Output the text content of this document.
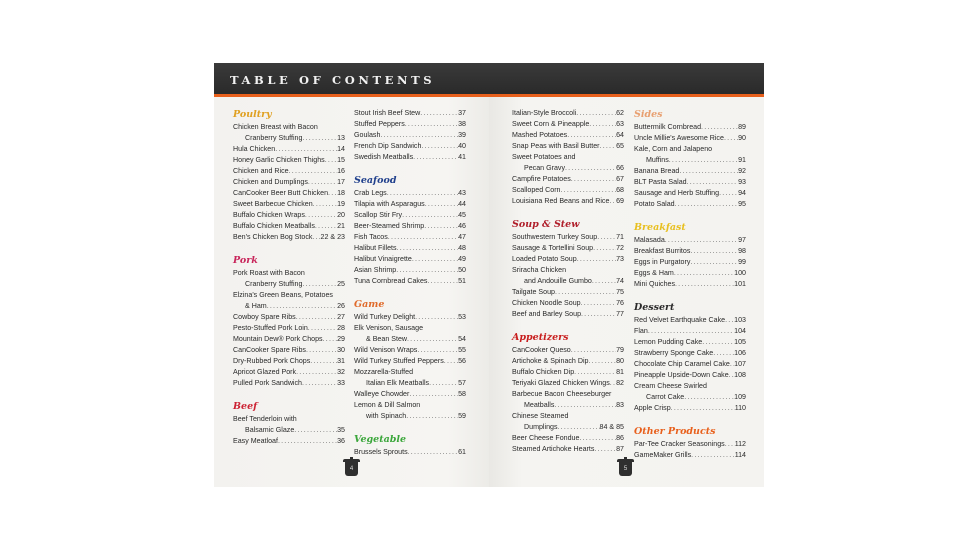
TABLE OF CONTENTS
Poultry
Chicken Breast with Bacon
Cranberry Stuffing .....	13
Hula Chicken .....	14
Honey Garlic Chicken Thighs ..... 15
Chicken and Rice .....	16
Chicken and Dumplings .....	17
CanCooker Beer Butt Chicken ..... 18
Sweet Barbecue Chicken .....	19
Buffalo Chicken Wraps .....	20
Buffalo Chicken Meatballs .....	21
Ben's Chicken Bog Stock ..... 22 & 23
Pork
Pork Roast with Bacon
Cranberry Stuffing .....	25
Elzina's Green Beans, Potatoes
& Ham .....	26
Cowboy Spare Ribs .....	27
Pesto-Stuffed Pork Loin .....	28
Mountain Dew® Pork Chops ..... 29
CanCooker Spare Ribs .....	30
Dry-Rubbed Pork Chops .....	31
Apricot Glazed Pork .....	32
Pulled Pork Sandwich .....	33
Beef
Beef Tenderloin with
Balsamic Glaze .....	35
Easy Meatloaf .....	36
Stout Irish Beef Stew .....	37
Stuffed Peppers .....	38
Goulash .....	39
French Dip Sandwich .....	40
Swedish Meatballs .....	41
Seafood
Crab Legs .....	43
Tilapia with Asparagus .....	44
Scallop Stir Fry .....	45
Beer-Steamed Shrimp .....	46
Fish Tacos .....	47
Halibut Fillets .....	48
Halibut Vinaigrette .....	49
Asian Shrimp .....	50
Tuna Cornbread Cakes .....	51
Game
Wild Turkey Delight .....	53
Elk Venison, Sausage
& Bean Stew .....	54
Wild Venison Wraps .....	55
Wild Turkey Stuffed Peppers ..... 56
Mozzarella-Stuffed
Italian Elk Meatballs .....	57
Walleye Chowder .....	58
Lemon & Dill Salmon
with Spinach .....	59
Vegetable
Brussels Sprouts .....	61
Italian-Style Broccoli .....	62
Sweet Corn & Pineapple .....	63
Mashed Potatoes .....	64
Snap Peas with Basil Butter ..... 65
Sweet Potatoes and
Pecan Gravy .....	66
Campfire Potatoes .....	67
Scalloped Corn .....	68
Louisiana Red Beans and Rice ..... 69
Soup & Stew
Southwestern Turkey Soup .....	71
Sausage & Tortellini Soup .....	72
Loaded Potato Soup .....	73
Sriracha Chicken
and Andouille Gumbo .....	74
Tailgate Soup .....	75
Chicken Noodle Soup .....	76
Beef and Barley Soup .....	77
Appetizers
CanCooker Queso .....	79
Artichoke & Spinach Dip .....	80
Buffalo Chicken Dip .....	81
Teriyaki Glazed Chicken Wings ..... 82
Barbecue Bacon Cheeseburger
Meatballs .....	83
Chinese Steamed
Dumplings .....	84 & 85
Beer Cheese Fondue .....	86
Steamed Artichoke Hearts .....	87
Sides
Buttermilk Cornbread .....	89
Uncle Millie's Awesome Rice ..... 90
Kale, Corn and Jalapeno
Muffins .....	91
Banana Bread .....	92
BLT Pasta Salad .....	93
Sausage and Herb Stuffing .....	94
Potato Salad .....	95
Breakfast
Malasada .....	97
Breakfast Burritos .....	98
Eggs in Purgatory .....	99
Eggs & Ham .....	100
Mini Quiches .....	101
Dessert
Red Velvet Earthquake Cake ..... 103
Flan .....	104
Lemon Pudding Cake .....	105
Strawberry Sponge Cake .....	106
Chocolate Chip Caramel Cake ..... 107
Pineapple Upside-Down Cake ..... 108
Cream Cheese Swirled
Carrot Cake .....	109
Apple Crisp .....	110
Other Products
Par-Tee Cracker Seasonings ..... 112
GameMaker Grills .....	114
4	5
